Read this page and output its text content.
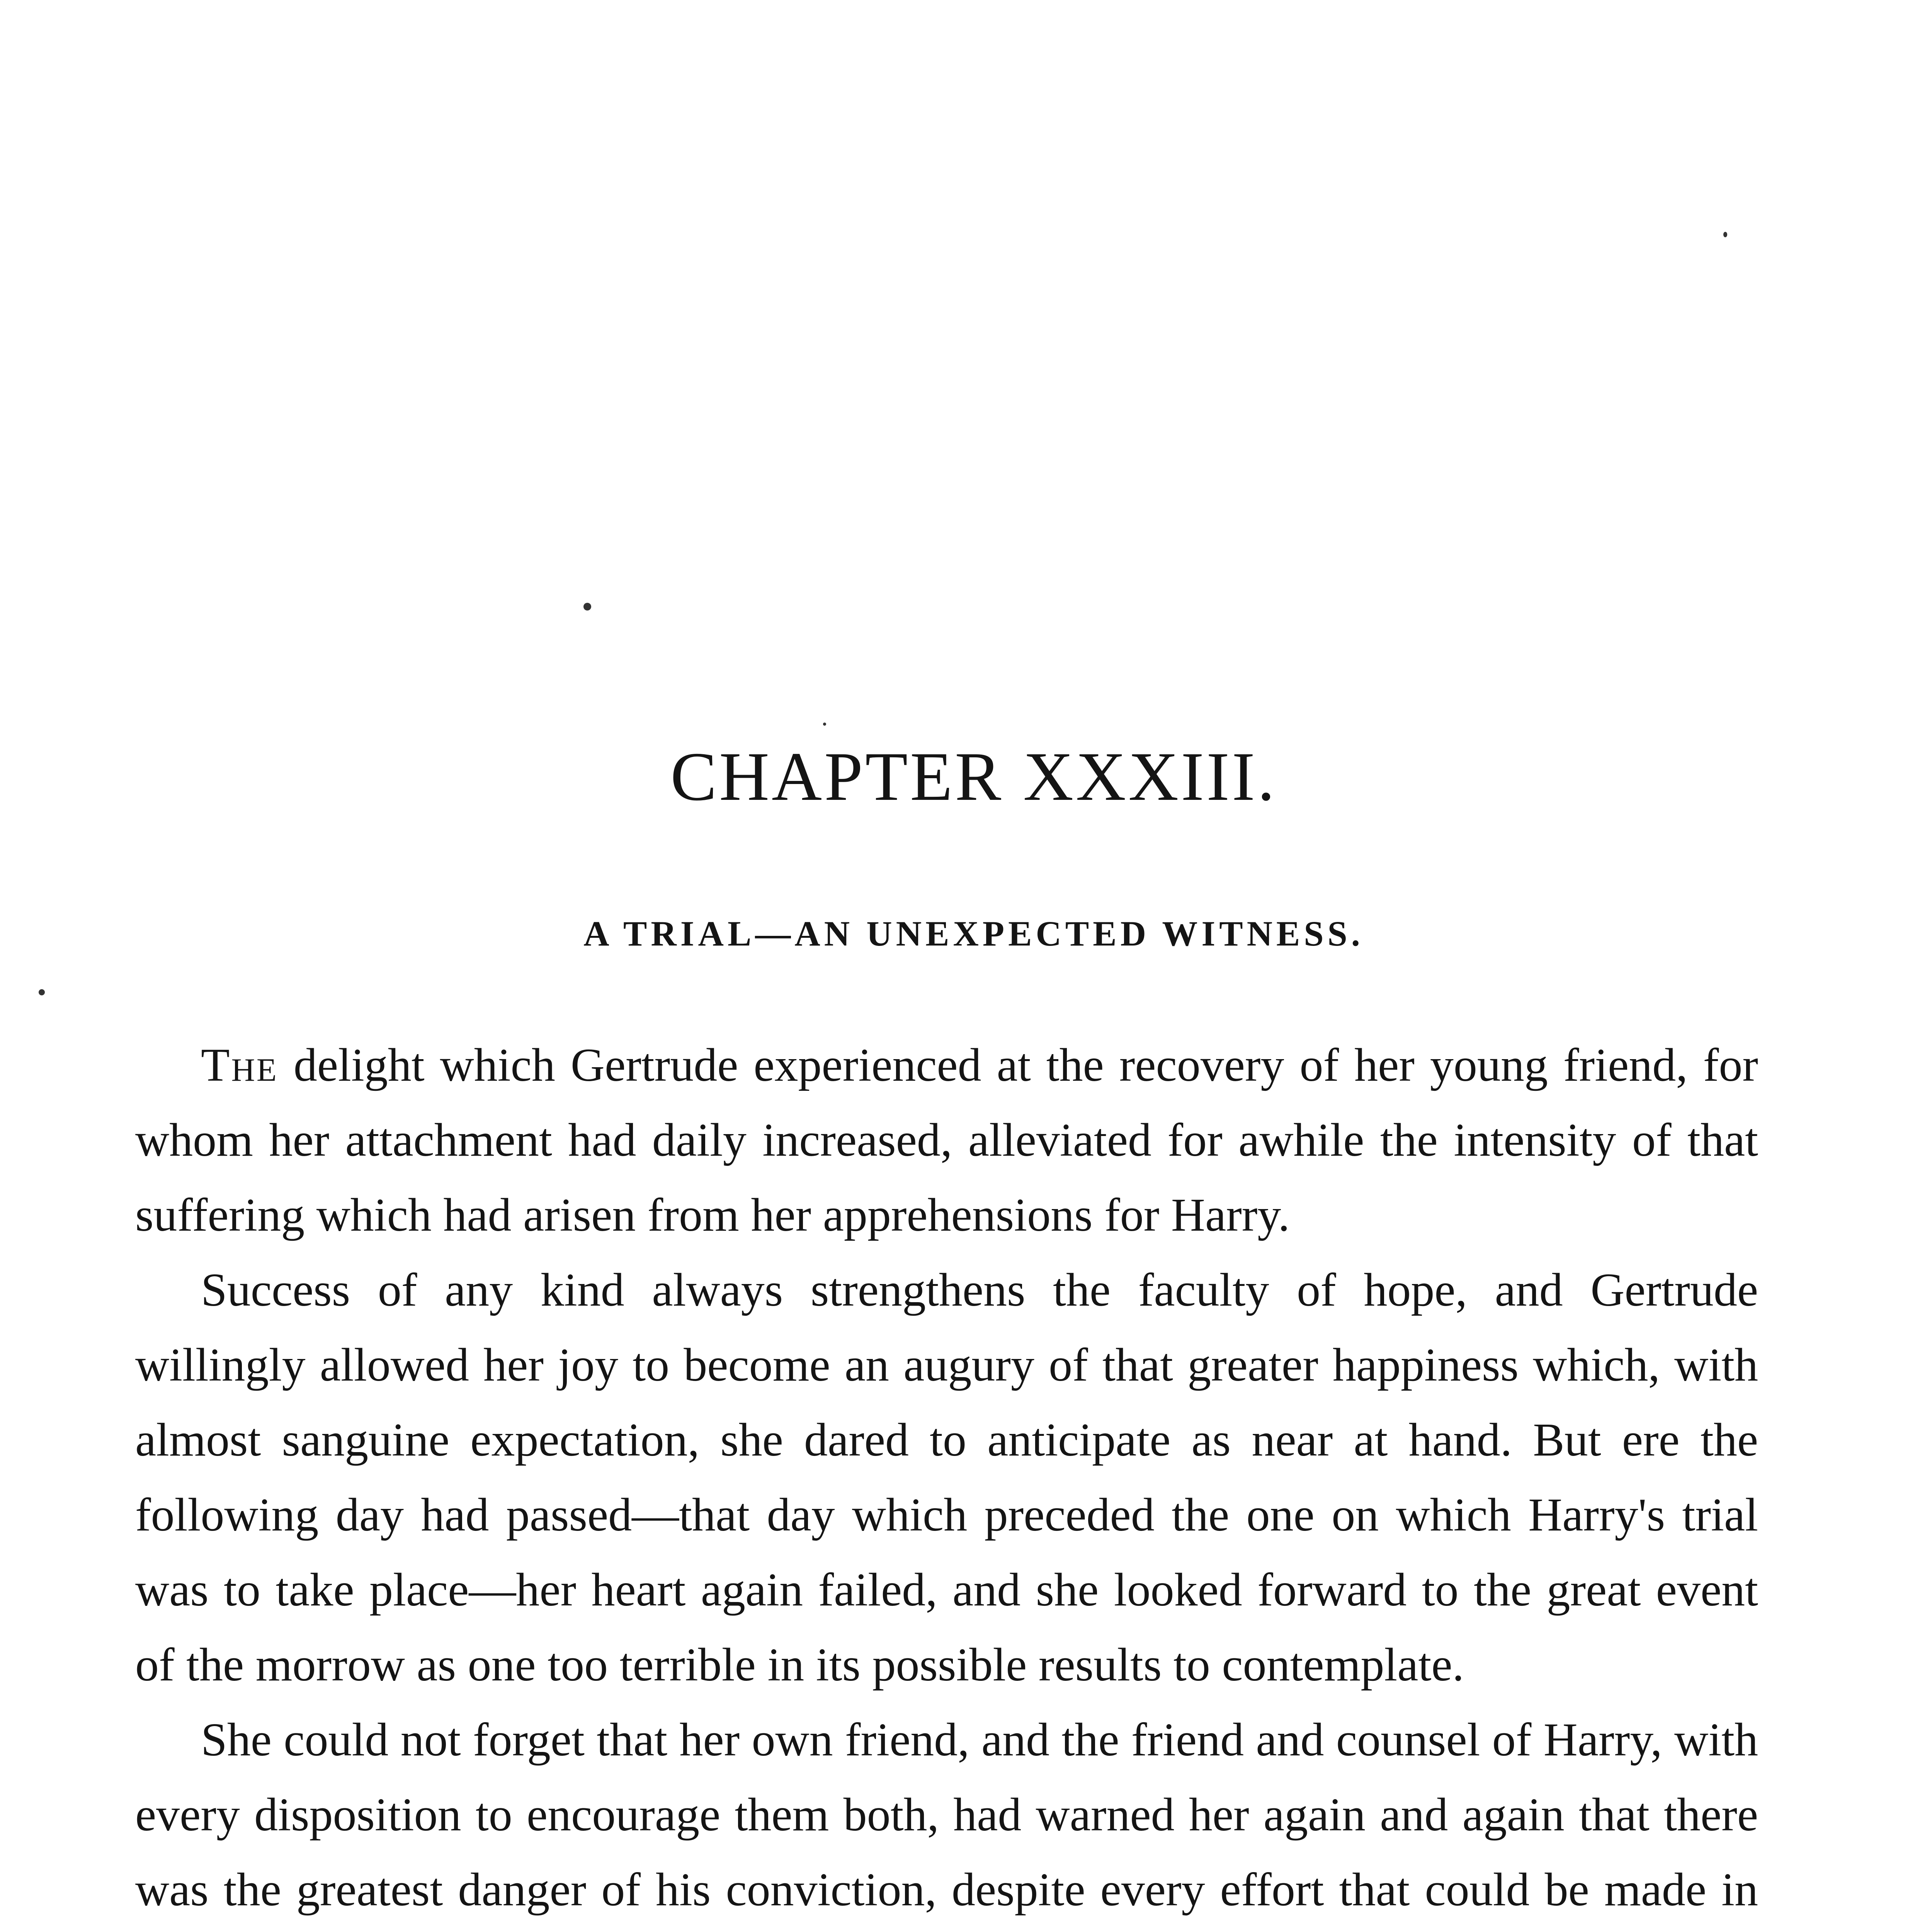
CHAPTER XXXIII.
A TRIAL—AN UNEXPECTED WITNESS.

The delight which Gertrude experienced at the recovery of her young friend, for whom her attachment had daily increased, alleviated for awhile the intensity of that suffering which had arisen from her apprehensions for Harry.

Success of any kind always strengthens the faculty of hope, and Gertrude willingly allowed her joy to become an augury of that greater happiness which, with almost sanguine expectation, she dared to anticipate as near at hand. But ere the following day had passed—that day which preceded the one on which Harry's trial was to take place—her heart again failed, and she looked forward to the great event of the morrow as one too terrible in its possible results to contemplate.

She could not forget that her own friend, and the friend and counsel of Harry, with every disposition to encourage them both, had warned her again and again that there was the greatest danger of his conviction, despite every effort that could be made in
